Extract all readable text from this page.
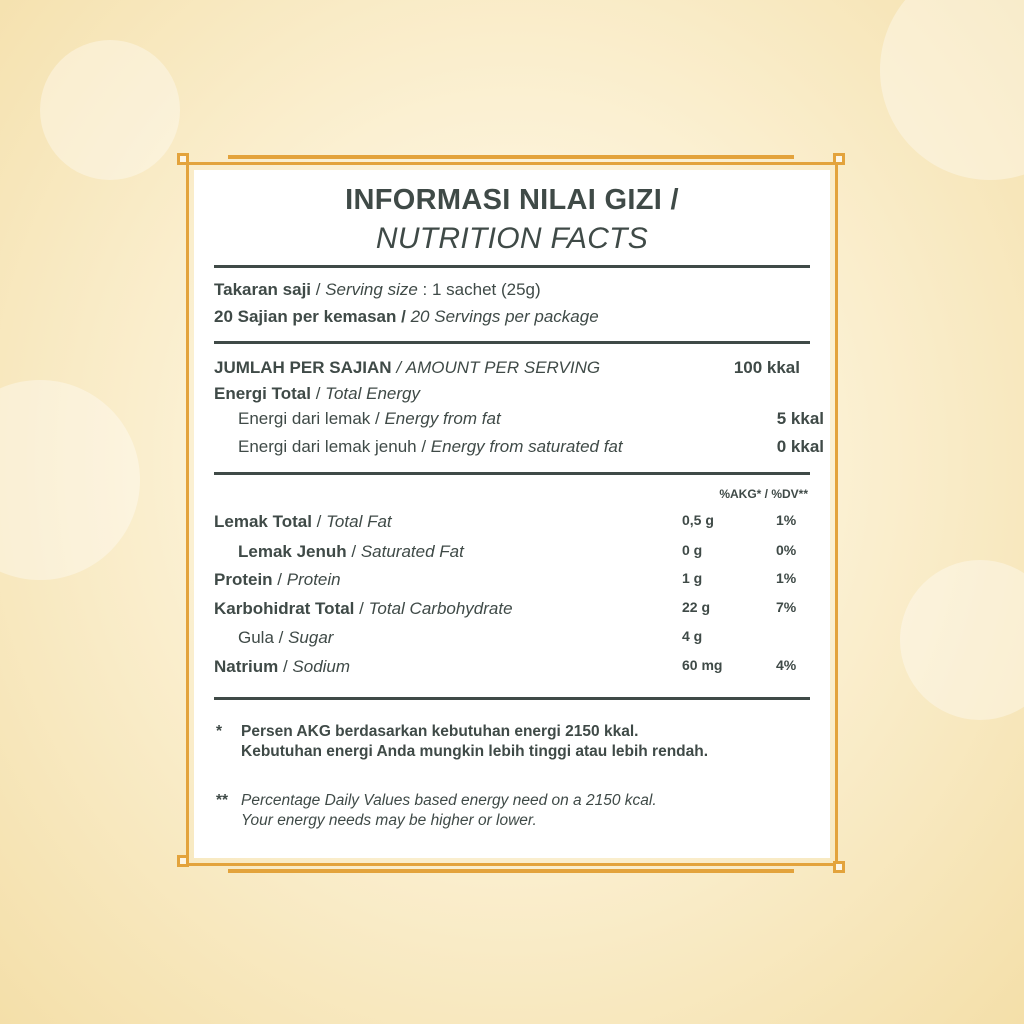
INFORMASI NILAI GIZI /
NUTRITION FACTS
Takaran saji / Serving size : 1 sachet (25g)
20 Sajian per kemasan / 20 Servings per package
JUMLAH PER SAJIAN / AMOUNT PER SERVING	100 kkal
Energi Total / Total Energy
Energi dari lemak / Energy from fat	5 kkal
Energi dari lemak jenuh / Energy from saturated fat	0 kkal
%AKG* / %DV**
Lemak Total / Total Fat	0,5 g	1%
Lemak Jenuh / Saturated Fat	0 g	0%
Protein / Protein	1 g	1%
Karbohidrat Total / Total Carbohydrate	22 g	7%
Gula / Sugar	4 g
Natrium / Sodium	60 mg	4%
* Persen AKG berdasarkan kebutuhan energi 2150 kkal.
Kebutuhan energi Anda mungkin lebih tinggi atau lebih rendah.
** Percentage Daily Values based energy need on a 2150 kcal.
Your energy needs may be higher or lower.
